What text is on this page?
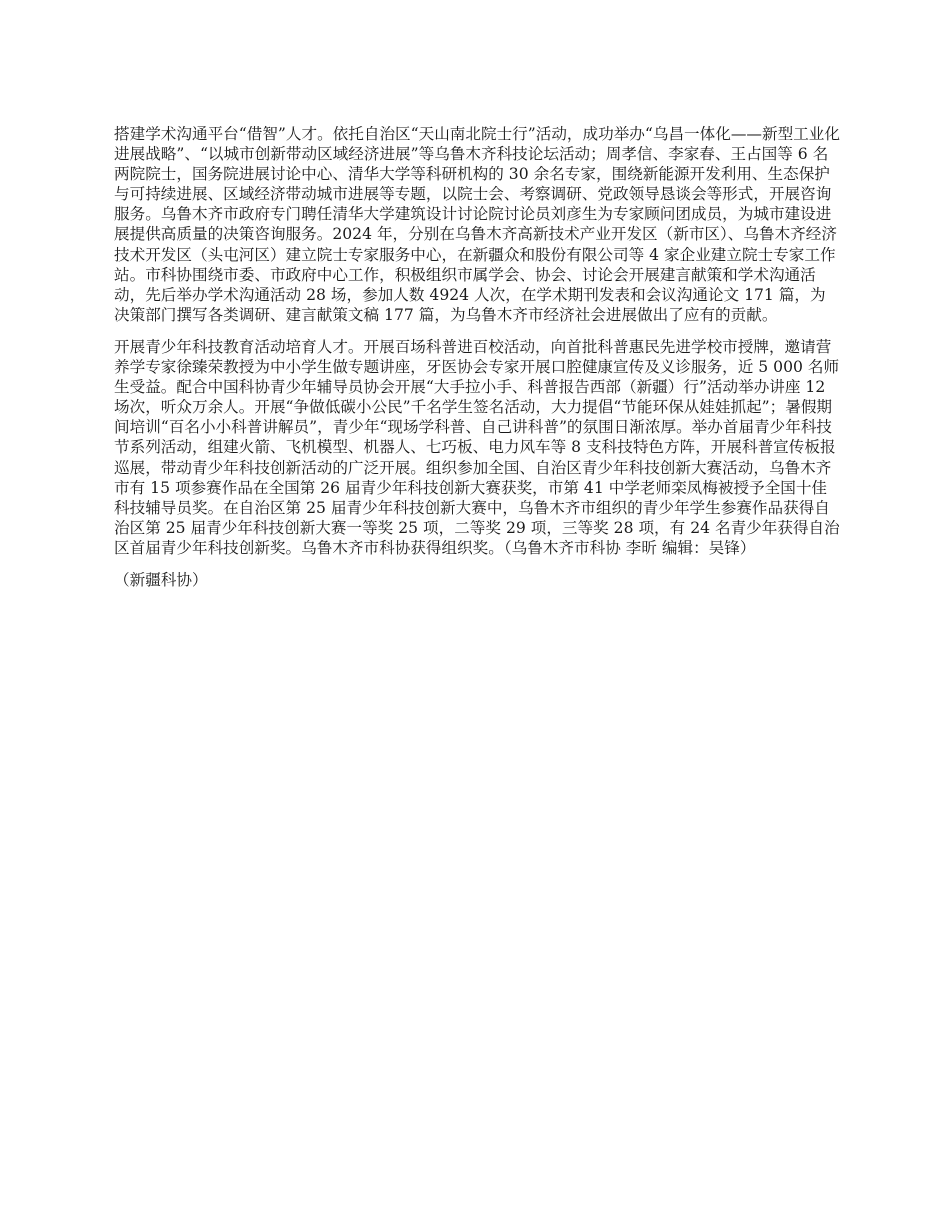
搭建学术沟通平台“借智”人才。依托自治区“天山南北院士行”活动，成功举办“乌昌一体化——新型工业化进展战略”、“以城市创新带动区域经济进展”等乌鲁木齐科技论坛活动；周孝信、李家春、王占国等 6 名两院院士，国务院进展讨论中心、清华大学等科研机构的 30 余名专家，围绕新能源开发利用、生态保护与可持续进展、区域经济带动城市进展等专题，以院士会、考察调研、党政领导恳谈会等形式，开展咨询服务。乌鲁木齐市政府专门聘任清华大学建筑设计讨论院讨论员刘彦生为专家顾问团成员，为城市建设进展提供高质量的决策咨询服务。2024 年，分别在乌鲁木齐高新技术产业开发区（新市区）、乌鲁木齐经济技术开发区（头屯河区）建立院士专家服务中心，在新疆众和股份有限公司等 4 家企业建立院士专家工作站。市科协围绕市委、市政府中心工作，积极组织市属学会、协会、讨论会开展建言献策和学术沟通活动，先后举办学术沟通活动 28 场，参加人数 4924 人次，在学术期刊发表和会议沟通论文 171 篇，为决策部门撰写各类调研、建言献策文稿 177 篇，为乌鲁木齐市经济社会进展做出了应有的贡献。

开展青少年科技教育活动培育人才。开展百场科普进百校活动，向首批科普惠民先进学校市授牌，邀请营养学专家徐臻荣教授为中小学生做专题讲座，牙医协会专家开展口腔健康宣传及义诊服务，近 5 000 名师生受益。配合中国科协青少年辅导员协会开展“大手拉小手、科普报告西部（新疆）行”活动举办讲座 12 场次，听众万余人。开展“争做低碳小公民”千名学生签名活动，大力提倡“节能环保从娃娃抓起”；暑假期间培训“百名小小科普讲解员”，青少年“现场学科普、自己讲科普”的氛围日渐浓厚。举办首届青少年科技节系列活动，组建火箭、飞机模型、机器人、七巧板、电力风车等 8 支科技特色方阵，开展科普宣传板报巡展，带动青少年科技创新活动的广泛开展。组织参加全国、自治区青少年科技创新大赛活动，乌鲁木齐市有 15 项参赛作品在全国第 26 届青少年科技创新大赛获奖，市第 41 中学老师栾凤梅被授予全国十佳科技辅导员奖。在自治区第 25 届青少年科技创新大赛中，乌鲁木齐市组织的青少年学生参赛作品获得自治区第 25 届青少年科技创新大赛一等奖 25 项，二等奖 29 项，三等奖 28 项，有 24 名青少年获得自治区首届青少年科技创新奖。乌鲁木齐市科协获得组织奖。（乌鲁木齐市科协 李昕 编辑：吴锋）

（新疆科协）
